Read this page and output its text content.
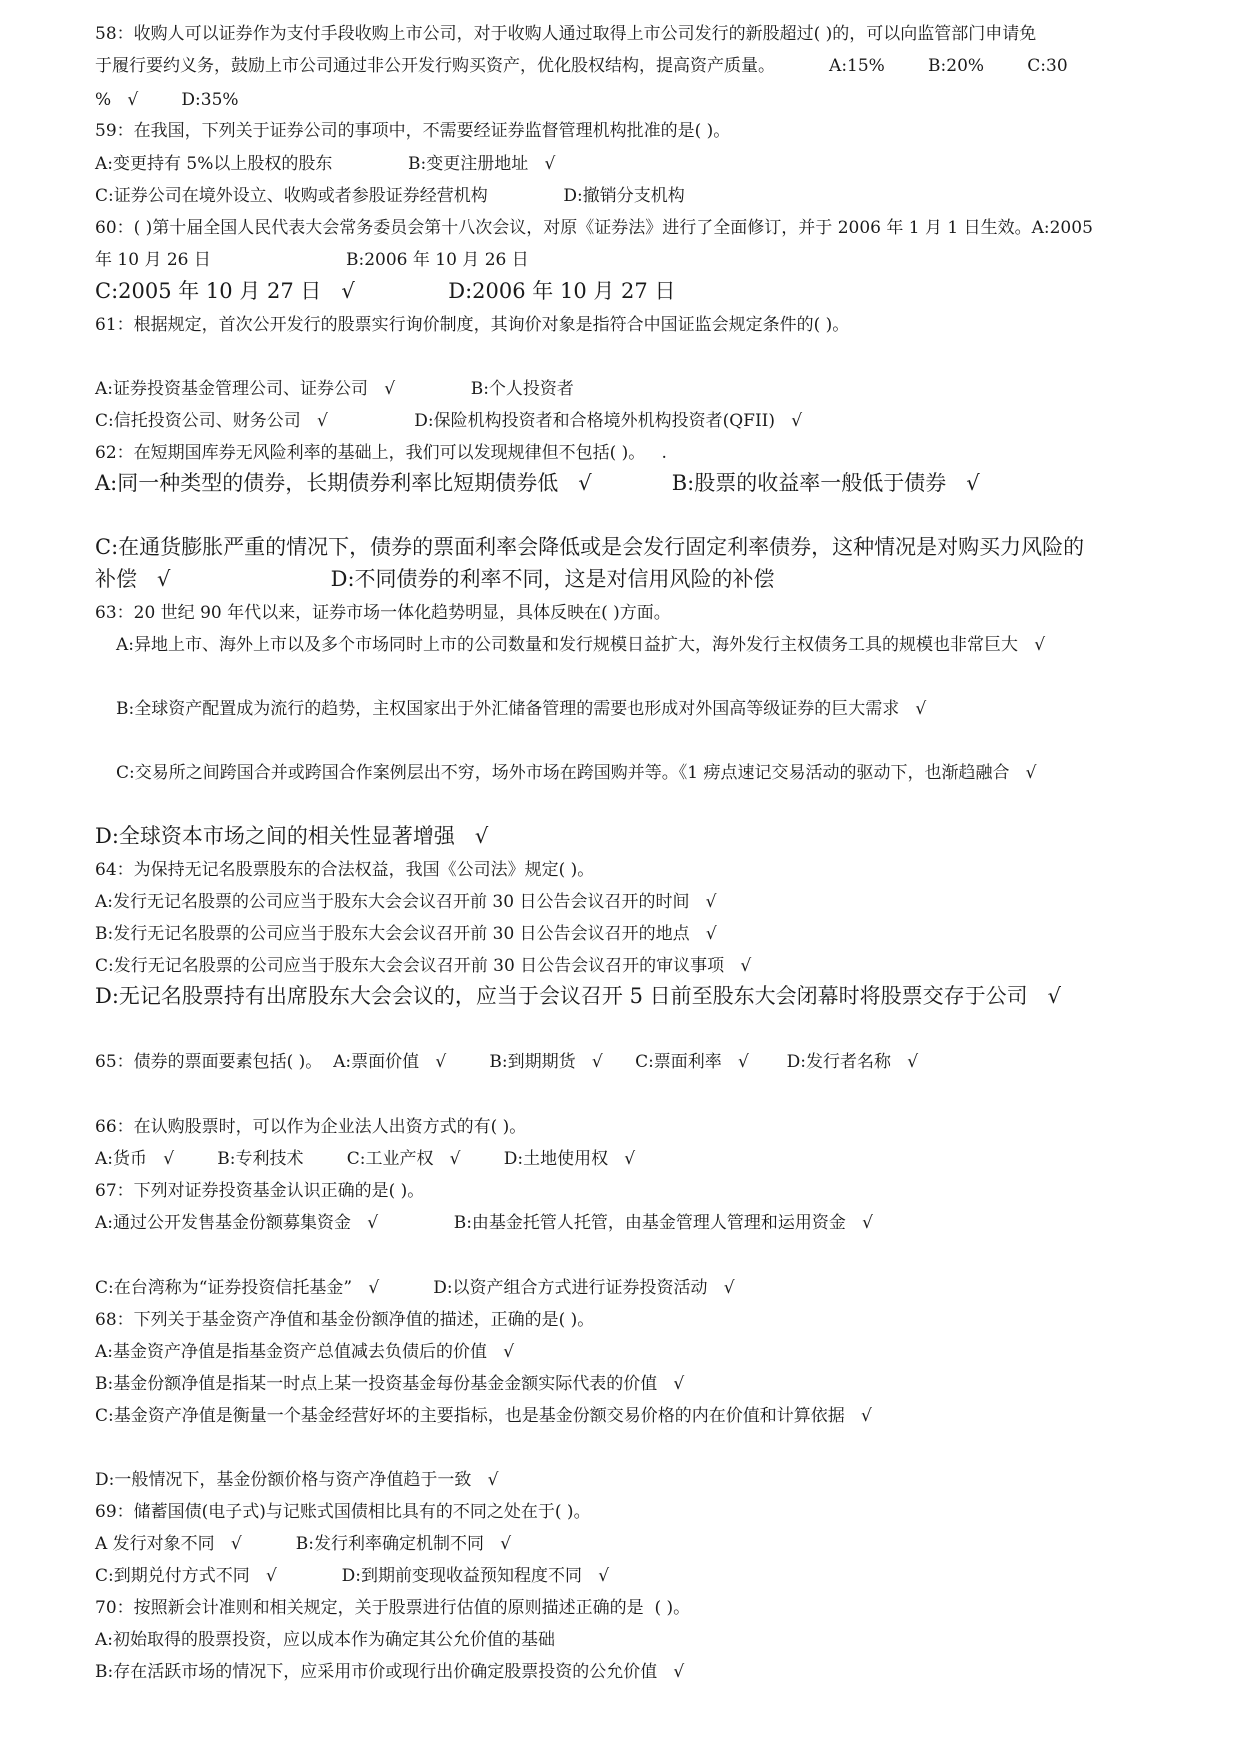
58：收购人可以证券作为支付手段收购上市公司，对于收购人通过取得上市公司发行的新股超过( )的，可以向监管部门申请免
于履行要约义务，鼓励上市公司通过非公开发行购买资产，优化股权结构，提高资产质量。          A:15%        B:20%        C:30
%   √        D:35%
59：在我国，下列关于证券公司的事项中，不需要经证券监督管理机构批准的是( )。
A:变更持有 5%以上股权的股东              B:变更注册地址   √
C:证券公司在境外设立、收购或者参股证券经营机构              D:撤销分支机构
60：( )第十届全国人民代表大会常务委员会第十八次会议，对原《证券法》进行了全面修订，并于 2006 年 1 月 1 日生效。A:2005
年 10 月 26 日                         B:2006 年 10 月 26 日
C:2005 年 10 月 27 日   √              D:2006 年 10 月 27 日
61：根据规定，首次公开发行的股票实行询价制度，其询价对象是指符合中国证监会规定条件的( )。
A:证券投资基金管理公司、证券公司   √              B:个人投资者
C:信托投资公司、财务公司   √                D:保险机构投资者和合格境外机构投资者(QFII)   √
62：在短期国库券无风险利率的基础上，我们可以发现规律但不包括( )。   .
A:同一种类型的债券，长期债券利率比短期债券低   √            B:股票的收益率一般低于债券   √
C:在通货膨胀严重的情况下，债券的票面利率会降低或是会发行固定利率债券，这种情况是对购买力风险的
补偿   √                        D:不同债券的利率不同，这是对信用风险的补偿
63：20 世纪 90 年代以来，证券市场一体化趋势明显，具体反映在( )方面。
A:异地上市、海外上市以及多个市场同时上市的公司数量和发行规模日益扩大，海外发行主权债务工具的规模也非常巨大   √
B:全球资产配置成为流行的趋势，主权国家出于外汇储备管理的需要也形成对外国高等级证券的巨大需求   √
C:交易所之间跨国合并或跨国合作案例层出不穷，场外市场在跨国购并等。《1 痨点速记交易活动的驱动下，也渐趋融合   √
D:全球资本市场之间的相关性显著增强   √
64：为保持无记名股票股东的合法权益，我国《公司法》规定( )。
A:发行无记名股票的公司应当于股东大会会议召开前 30 日公告会议召开的时间   √
B:发行无记名股票的公司应当于股东大会会议召开前 30 日公告会议召开的地点   √
C:发行无记名股票的公司应当于股东大会会议召开前 30 日公告会议召开的审议事项   √
D:无记名股票持有出席股东大会会议的，应当于会议召开 5 日前至股东大会闭幕时将股票交存于公司   √
65：债券的票面要素包括( )。  A:票面价值   √        B:到期期货   √      C:票面利率   √       D:发行者名称   √
66：在认购股票时，可以作为企业法人出资方式的有( )。
A:货币   √        B:专利技术        C:工业产权   √        D:土地使用权   √
67：下列对证券投资基金认识正确的是( )。
A:通过公开发售基金份额募集资金   √              B:由基金托管人托管，由基金管理人管理和运用资金   √
C:在台湾称为“证券投资信托基金”   √          D:以资产组合方式进行证券投资活动   √
68：下列关于基金资产净值和基金份额净值的描述，正确的是( )。
A:基金资产净值是指基金资产总值减去负债后的价值   √
B:基金份额净值是指某一时点上某一投资基金每份基金金额实际代表的价值   √
C:基金资产净值是衡量一个基金经营好坏的主要指标，也是基金份额交易价格的内在价值和计算依据   √
D:一般情况下，基金份额价格与资产净值趋于一致   √
69：储蓄国债(电子式)与记账式国债相比具有的不同之处在于( )。
A 发行对象不同   √          B:发行利率确定机制不同   √
C:到期兑付方式不同   √            D:到期前变现收益预知程度不同   √
70：按照新会计准则和相关规定，关于股票进行估值的原则描述正确的是  ( )。
A:初始取得的股票投资，应以成本作为确定其公允价值的基础
B:存在活跃市场的情况下，应采用市价或现行出价确定股票投资的公允价值   √
